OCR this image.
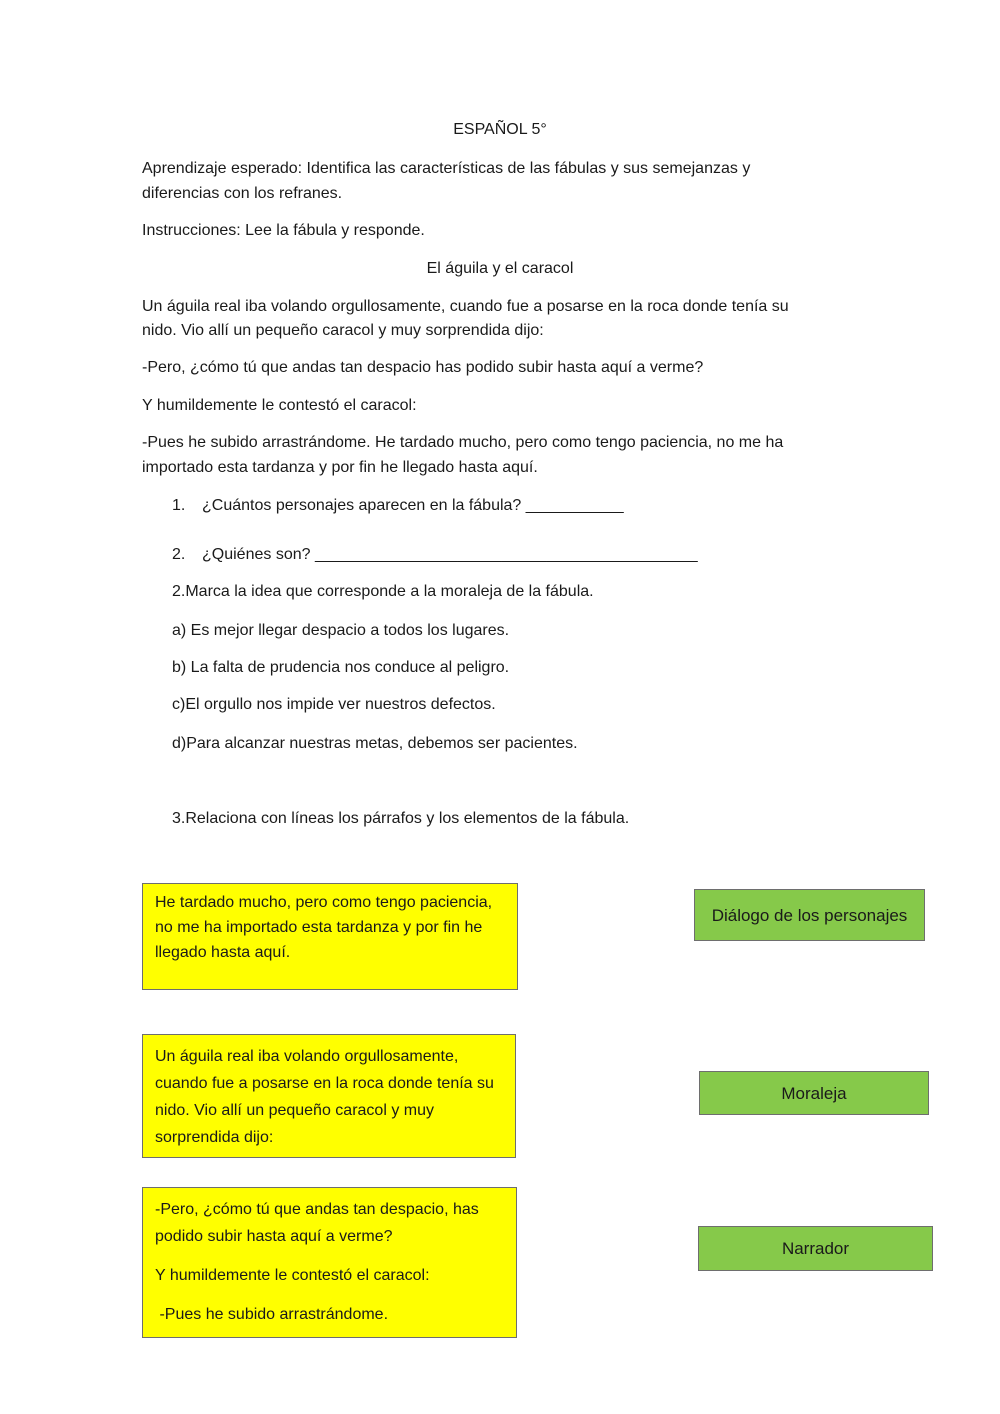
ESPAÑOL 5°
Aprendizaje esperado: Identifica las características de las fábulas y sus semejanzas y
diferencias con los refranes.
Instrucciones: Lee la fábula y responde.
El águila y el caracol
Un águila real iba volando orgullosamente, cuando fue a posarse en la roca donde tenía su
nido. Vio allí un pequeño caracol y muy sorprendida dijo:
-Pero, ¿cómo tú que andas tan despacio has podido subir hasta aquí a verme?
Y humildemente le contestó el caracol:
-Pues he subido arrastrándome. He tardado mucho, pero como tengo paciencia, no me ha
importado esta tardanza y por fin he llegado hasta aquí.
1. ¿Cuántos personajes aparecen en la fábula? ___________
2. ¿Quiénes son? ___________________________________________
2.Marca la idea que corresponde a la moraleja de la fábula.
a) Es mejor llegar despacio a todos los lugares.
b) La falta de prudencia nos conduce al peligro.
c)El orgullo nos impide ver nuestros defectos.
d)Para alcanzar nuestras metas, debemos ser pacientes.
3.Relaciona con líneas los párrafos y los elementos de la fábula.

He tardado mucho, pero como tengo paciencia, no me ha importado esta tardanza y por fin he llegado hasta aquí.

Un águila real iba volando orgullosamente, cuando fue a posarse en la roca donde tenía su nido. Vio allí un pequeño caracol y muy sorprendida dijo:

-Pero, ¿cómo tú que andas tan despacio, has podido subir hasta aquí a verme?

Y humildemente le contestó el caracol:

-Pues he subido arrastrándome.

Diálogo de los personajes
Moraleja
Narrador
